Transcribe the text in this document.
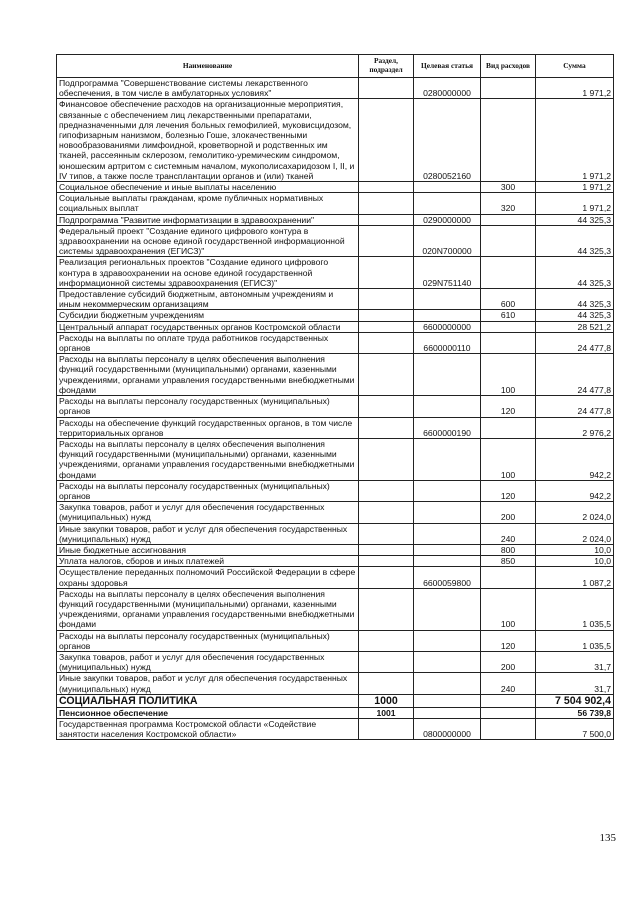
Наименование	Раздел, подраздел	Целевая статья	Вид расходов	Сумма
Подпрограмма "Совершенствование системы лекарственного обеспечения, в том числе в амбулаторных условиях"		0280000000		1 971,2
Финансовое обеспечение расходов на организационные мероприятия, связанные с обеспечением лиц лекарственными препаратами, предназначенными для лечения больных гемофилией, муковисцидозом, гипофизарным нанизмом, болезнью Гоше, злокачественными новообразованиями лимфоидной, кроветворной и родственных им тканей, рассеянным склерозом, гемолитико-уремическим синдромом, юношеским артритом с системным началом, мукополисахаридозом I, II, и IV типов, а также после трансплантации органов и (или) тканей		0280052160		1 971,2
Социальное обеспечение и иные выплаты населению			300	1 971,2
Социальные выплаты гражданам, кроме публичных нормативных социальных выплат			320	1 971,2
Подпрограмма "Развитие информатизации в здравоохранении"		0290000000		44 325,3
Федеральный проект "Создание единого цифрового контура в здравоохранении на основе единой государственной информационной системы здравоохранения (ЕГИСЗ)"		020N700000		44 325,3
Реализация региональных проектов "Создание единого цифрового контура в здравоохранении на основе единой государственной информационной системы здравоохранения (ЕГИСЗ)"		029N751140		44 325,3
Предоставление субсидий бюджетным, автономным учреждениям и иным некоммерческим организациям			600	44 325,3
Субсидии бюджетным учреждениям			610	44 325,3
Центральный аппарат государственных органов Костромской области		6600000000		28 521,2
Расходы на выплаты по оплате труда работников государственных органов		6600000110		24 477,8
Расходы на выплаты персоналу в целях обеспечения выполнения функций государственными (муниципальными) органами, казенными учреждениями, органами управления государственными внебюджетными фондами			100	24 477,8
Расходы на выплаты персоналу государственных (муниципальных) органов			120	24 477,8
Расходы на обеспечение функций государственных органов, в том числе территориальных органов		6600000190		2 976,2
Расходы на выплаты персоналу в целях обеспечения выполнения функций государственными (муниципальными) органами, казенными учреждениями, органами управления государственными внебюджетными фондами			100	942,2
Расходы на выплаты персоналу государственных (муниципальных) органов			120	942,2
Закупка товаров, работ и услуг для обеспечения государственных (муниципальных) нужд			200	2 024,0
Иные закупки товаров, работ и услуг для обеспечения государственных (муниципальных) нужд			240	2 024,0
Иные бюджетные ассигнования			800	10,0
Уплата налогов, сборов и иных платежей			850	10,0
Осуществление переданных полномочий Российской Федерации в сфере охраны здоровья		6600059800		1 087,2
Расходы на выплаты персоналу в целях обеспечения выполнения функций государственными (муниципальными) органами, казенными учреждениями, органами управления государственными внебюджетными фондами			100	1 035,5
Расходы на выплаты персоналу государственных (муниципальных) органов			120	1 035,5
Закупка товаров, работ и услуг для обеспечения государственных (муниципальных) нужд			200	31,7
Иные закупки товаров, работ и услуг для обеспечения государственных (муниципальных) нужд			240	31,7
СОЦИАЛЬНАЯ ПОЛИТИКА	1000			7 504 902,4
Пенсионное обеспечение	1001			56 739,8
Государственная программа Костромской области «Содействие занятости населения Костромской области»		0800000000		7 500,0
135
